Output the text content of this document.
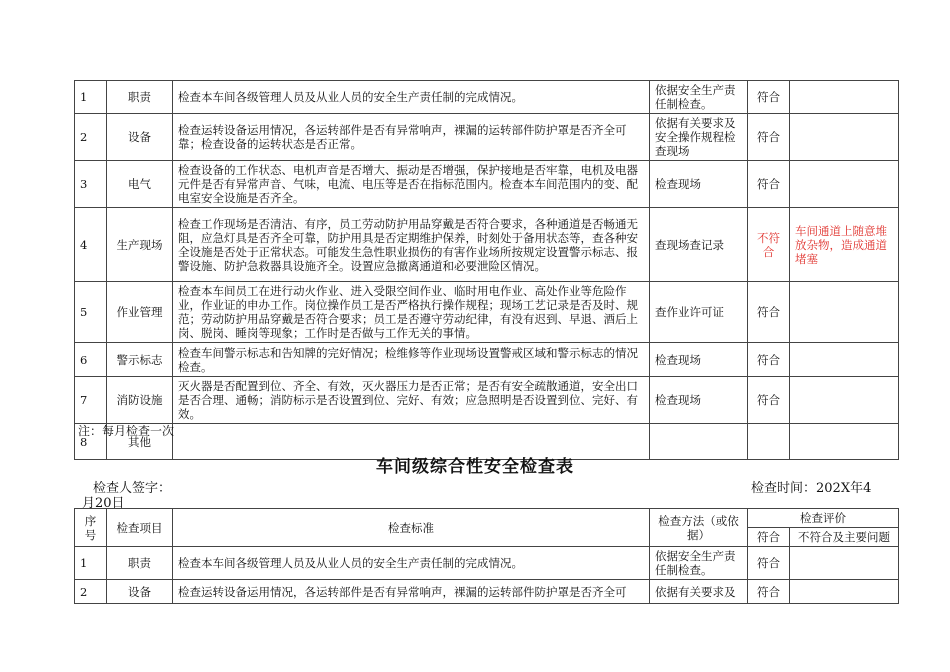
1	职责	检查本车间各级管理人员及从业人员的安全生产责任制的完成情况。	依据安全生产责任制检查。	符合	
2	设备	检查运转设备运用情况，各运转部件是否有异常响声，裸漏的运转部件防护罩是否齐全可靠；检查设备的运转状态是否正常。	依据有关要求及安全操作规程检查现场	符合	
3	电气	检查设备的工作状态、电机声音是否增大、振动是否增强，保护接地是否牢靠，电机及电器元件是否有异常声音、气味，电流、电压等是否在指标范围内。检查本车间范围内的变、配电室安全设施是否齐全。	检查现场	符合	
4	生产现场	检查工作现场是否清洁、有序，员工劳动防护用品穿戴是否符合要求，各种通道是否畅通无阻，应急灯具是否齐全可靠，防护用具是否定期维护保养，时刻处于备用状态等，查各种安全设施是否处于正常状态。可能发生急性职业损伤的有害作业场所按规定设置警示标志、报警设施、防护急救器具设施齐全。设置应急撤离通道和必要泄险区情况。	查现场查记录	不符合	车间通道上随意堆放杂物，造成通道堵塞
5	作业管理	检查本车间员工在进行动火作业、进入受限空间作业、临时用电作业、高处作业等危险作业，作业证的申办工作。岗位操作员工是否严格执行操作规程；现场工艺记录是否及时、规范；劳动防护用品穿戴是否符合要求；员工是否遵守劳动纪律，有没有迟到、早退、酒后上岗、脱岗、睡岗等现象；工作时是否做与工作无关的事情。	查作业许可证	符合	
6	警示标志	检查车间警示标志和告知牌的完好情况；检维修等作业现场设置警戒区域和警示标志的情况检查。	检查现场	符合	
7	消防设施	灭火器是否配置到位、齐全、有效，灭火器压力是否正常；是否有安全疏散通道，安全出口是否合理、通畅；消防标示是否设置到位、完好、有效；应急照明是否设置到位、完好、有效。	检查现场	符合	
8	其他				
注：每月检查一次
车间级综合性安全检查表
检查人签字：	检查时间：202X年4
月20日
序号	检查项目	检查标准	检查方法（或依据）	检查评价	
				符合	不符合及主要问题
1	职责	检查本车间各级管理人员及从业人员的安全生产责任制的完成情况。	依据安全生产责任制检查。	符合	
2	设备	检查运转设备运用情况，各运转部件是否有异常响声，裸漏的运转部件防护罩是否齐全可	依据有关要求及	符合	
